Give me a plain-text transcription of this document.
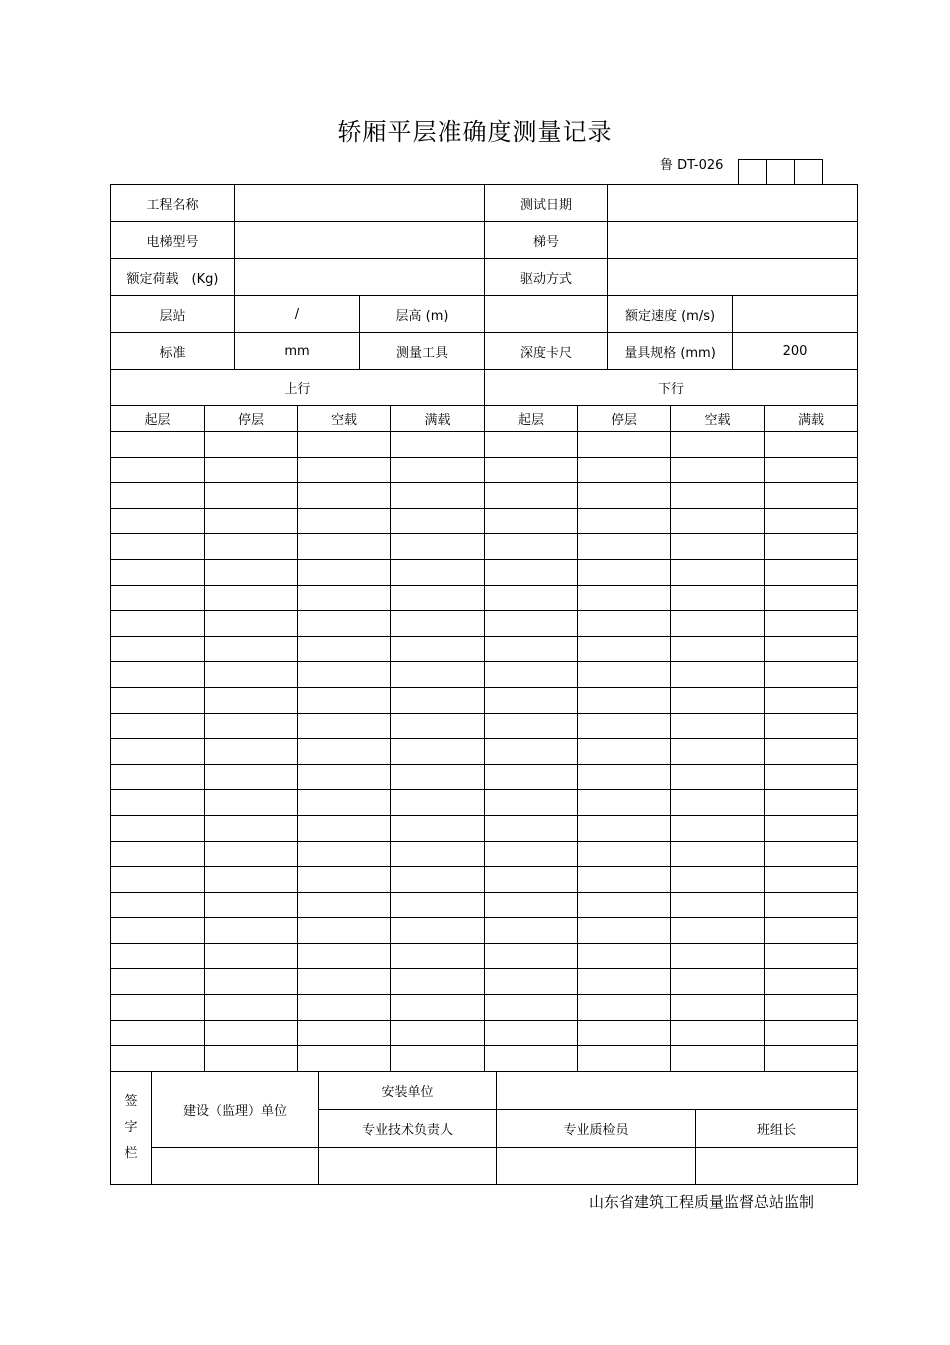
轿厢平层准确度测量记录
鲁 DT-026

工程名称			测试日期		
电梯型号			梯号		
额定荷载　(Kg)			驱动方式		
层站	/	层高 (m)		额定速度 (m/s)	
标准	mm	测量工具	深度卡尺	量具规格 (mm)	200
上行			下行		
起层	停层	空载	满载	起层	停层	空载	满载

签
字
栏	建设（监理）单位	安装单位		
		专业技术负责人	专业质检员	班组长

山东省建筑工程质量监督总站监制
